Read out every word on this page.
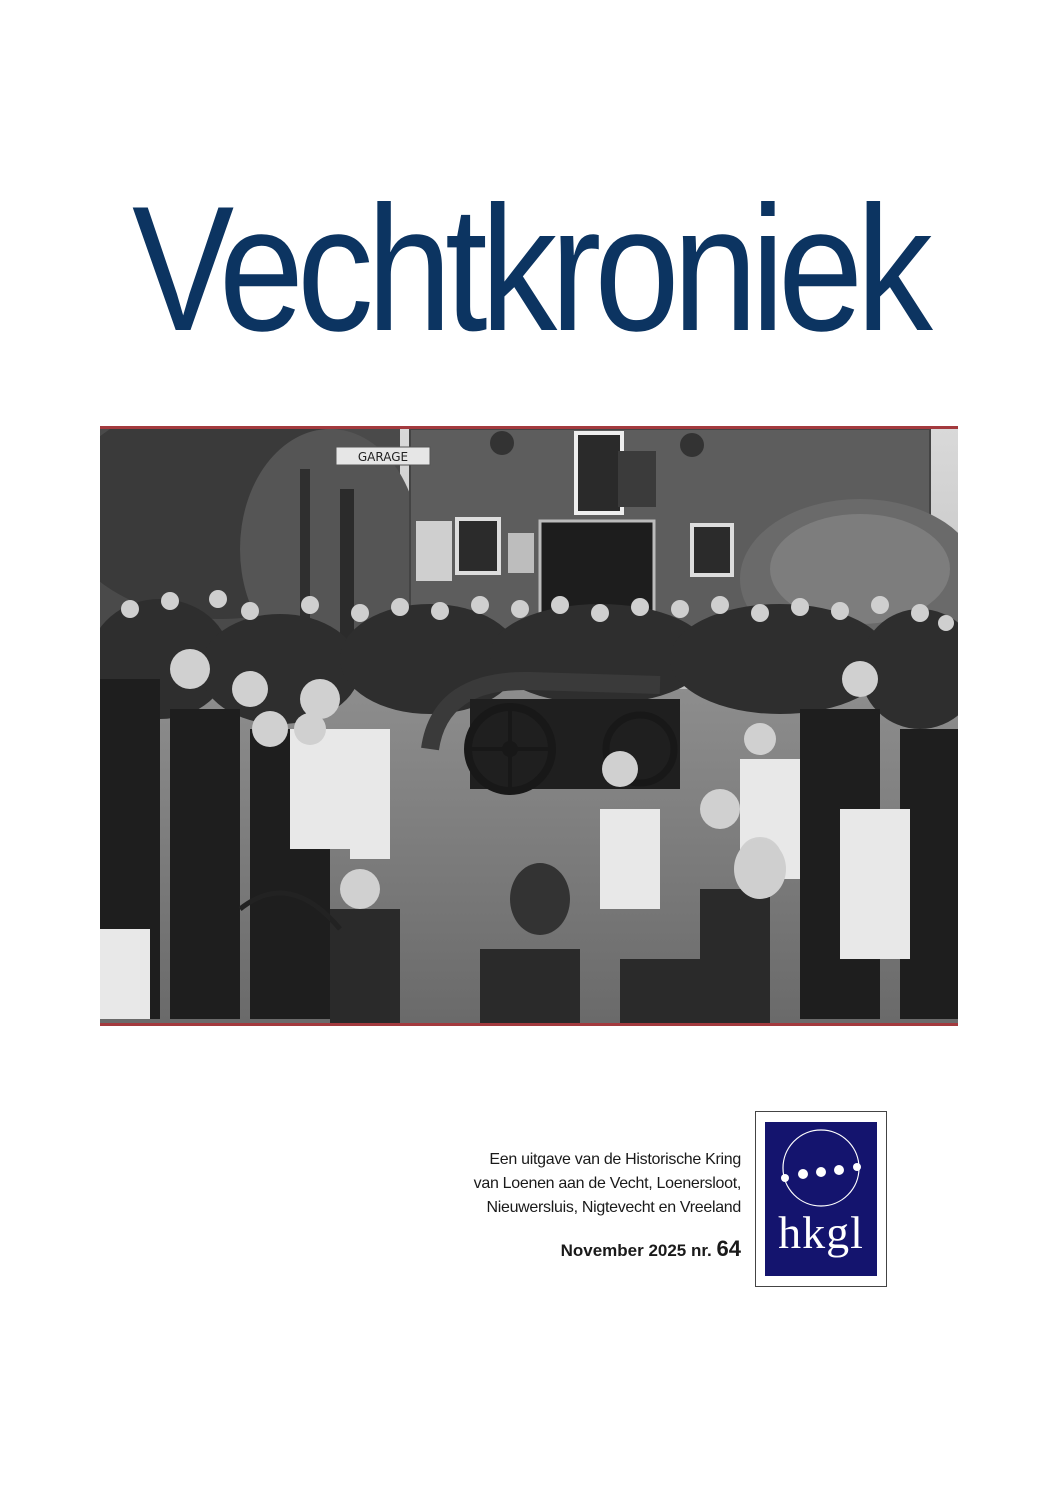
Vechtkroniek
GARAGE
Een uitgave van de Historische Kring
van Loenen aan de Vecht, Loenersloot,
Nieuwersluis, Nigtevecht en Vreeland
November 2025 nr. 64 hkgl
